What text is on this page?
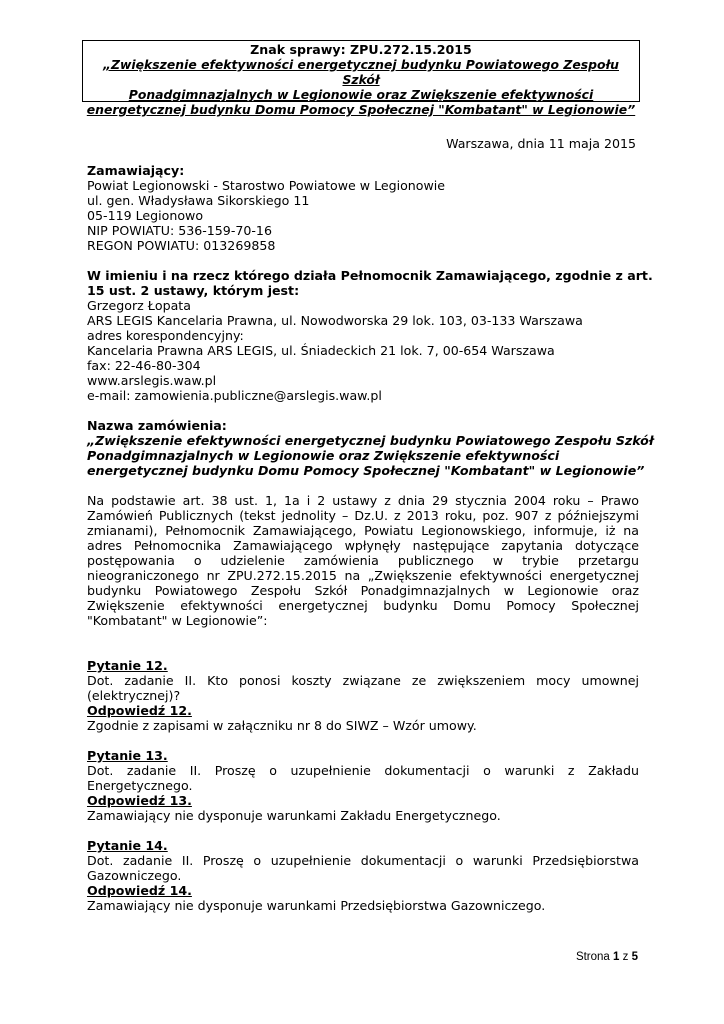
Znak sprawy: ZPU.272.15.2015
„Zwiększenie efektywności energetycznej budynku Powiatowego Zespołu Szkół
Ponadgimnazjalnych w Legionowie oraz Zwiększenie efektywności
energetycznej budynku Domu Pomocy Społecznej "Kombatant" w Legionowie”
Warszawa, dnia 11 maja 2015
Zamawiający:
Powiat Legionowski - Starostwo Powiatowe w Legionowie
ul. gen. Władysława Sikorskiego 11
05-119 Legionowo
NIP POWIATU: 536-159-70-16
REGON POWIATU: 013269858
W imieniu i na rzecz którego działa Pełnomocnik Zamawiającego, zgodnie z art.
15 ust. 2 ustawy, którym jest:
Grzegorz Łopata
ARS LEGIS Kancelaria Prawna, ul. Nowodworska 29 lok. 103, 03-133 Warszawa
adres korespondencyjny:
Kancelaria Prawna ARS LEGIS, ul. Śniadeckich 21 lok. 7, 00-654 Warszawa
fax: 22-46-80-304
www.arslegis.waw.pl
e-mail: zamowienia.publiczne@arslegis.waw.pl
Nazwa zamówienia:
„Zwiększenie efektywności energetycznej budynku Powiatowego Zespołu Szkół
Ponadgimnazjalnych w Legionowie oraz Zwiększenie efektywności
energetycznej budynku Domu Pomocy Społecznej "Kombatant" w Legionowie”
Na podstawie art. 38 ust. 1, 1a i 2 ustawy z dnia 29 stycznia 2004 roku – Prawo Zamówień Publicznych (tekst jednolity – Dz.U. z 2013 roku, poz. 907 z późniejszymi zmianami), Pełnomocnik Zamawiającego, Powiatu Legionowskiego, informuje, iż na adres Pełnomocnika Zamawiającego wpłynęły następujące zapytania dotyczące postępowania o udzielenie zamówienia publicznego w trybie przetargu nieograniczonego nr ZPU.272.15.2015 na „Zwiększenie efektywności energetycznej budynku Powiatowego Zespołu Szkół Ponadgimnazjalnych w Legionowie oraz Zwiększenie efektywności energetycznej budynku Domu Pomocy Społecznej "Kombatant" w Legionowie”:
Pytanie 12.
Dot. zadanie II. Kto ponosi koszty związane ze zwiększeniem mocy umownej (elektrycznej)?
Odpowiedź 12.
Zgodnie z zapisami w załączniku nr 8 do SIWZ – Wzór umowy.
Pytanie 13.
Dot. zadanie II. Proszę o uzupełnienie dokumentacji o warunki z Zakładu Energetycznego.
Odpowiedź 13.
Zamawiający nie dysponuje warunkami Zakładu Energetycznego.
Pytanie 14.
Dot. zadanie II. Proszę o uzupełnienie dokumentacji o warunki Przedsiębiorstwa Gazowniczego.
Odpowiedź 14.
Zamawiający nie dysponuje warunkami Przedsiębiorstwa Gazowniczego.
Strona 1 z 5
